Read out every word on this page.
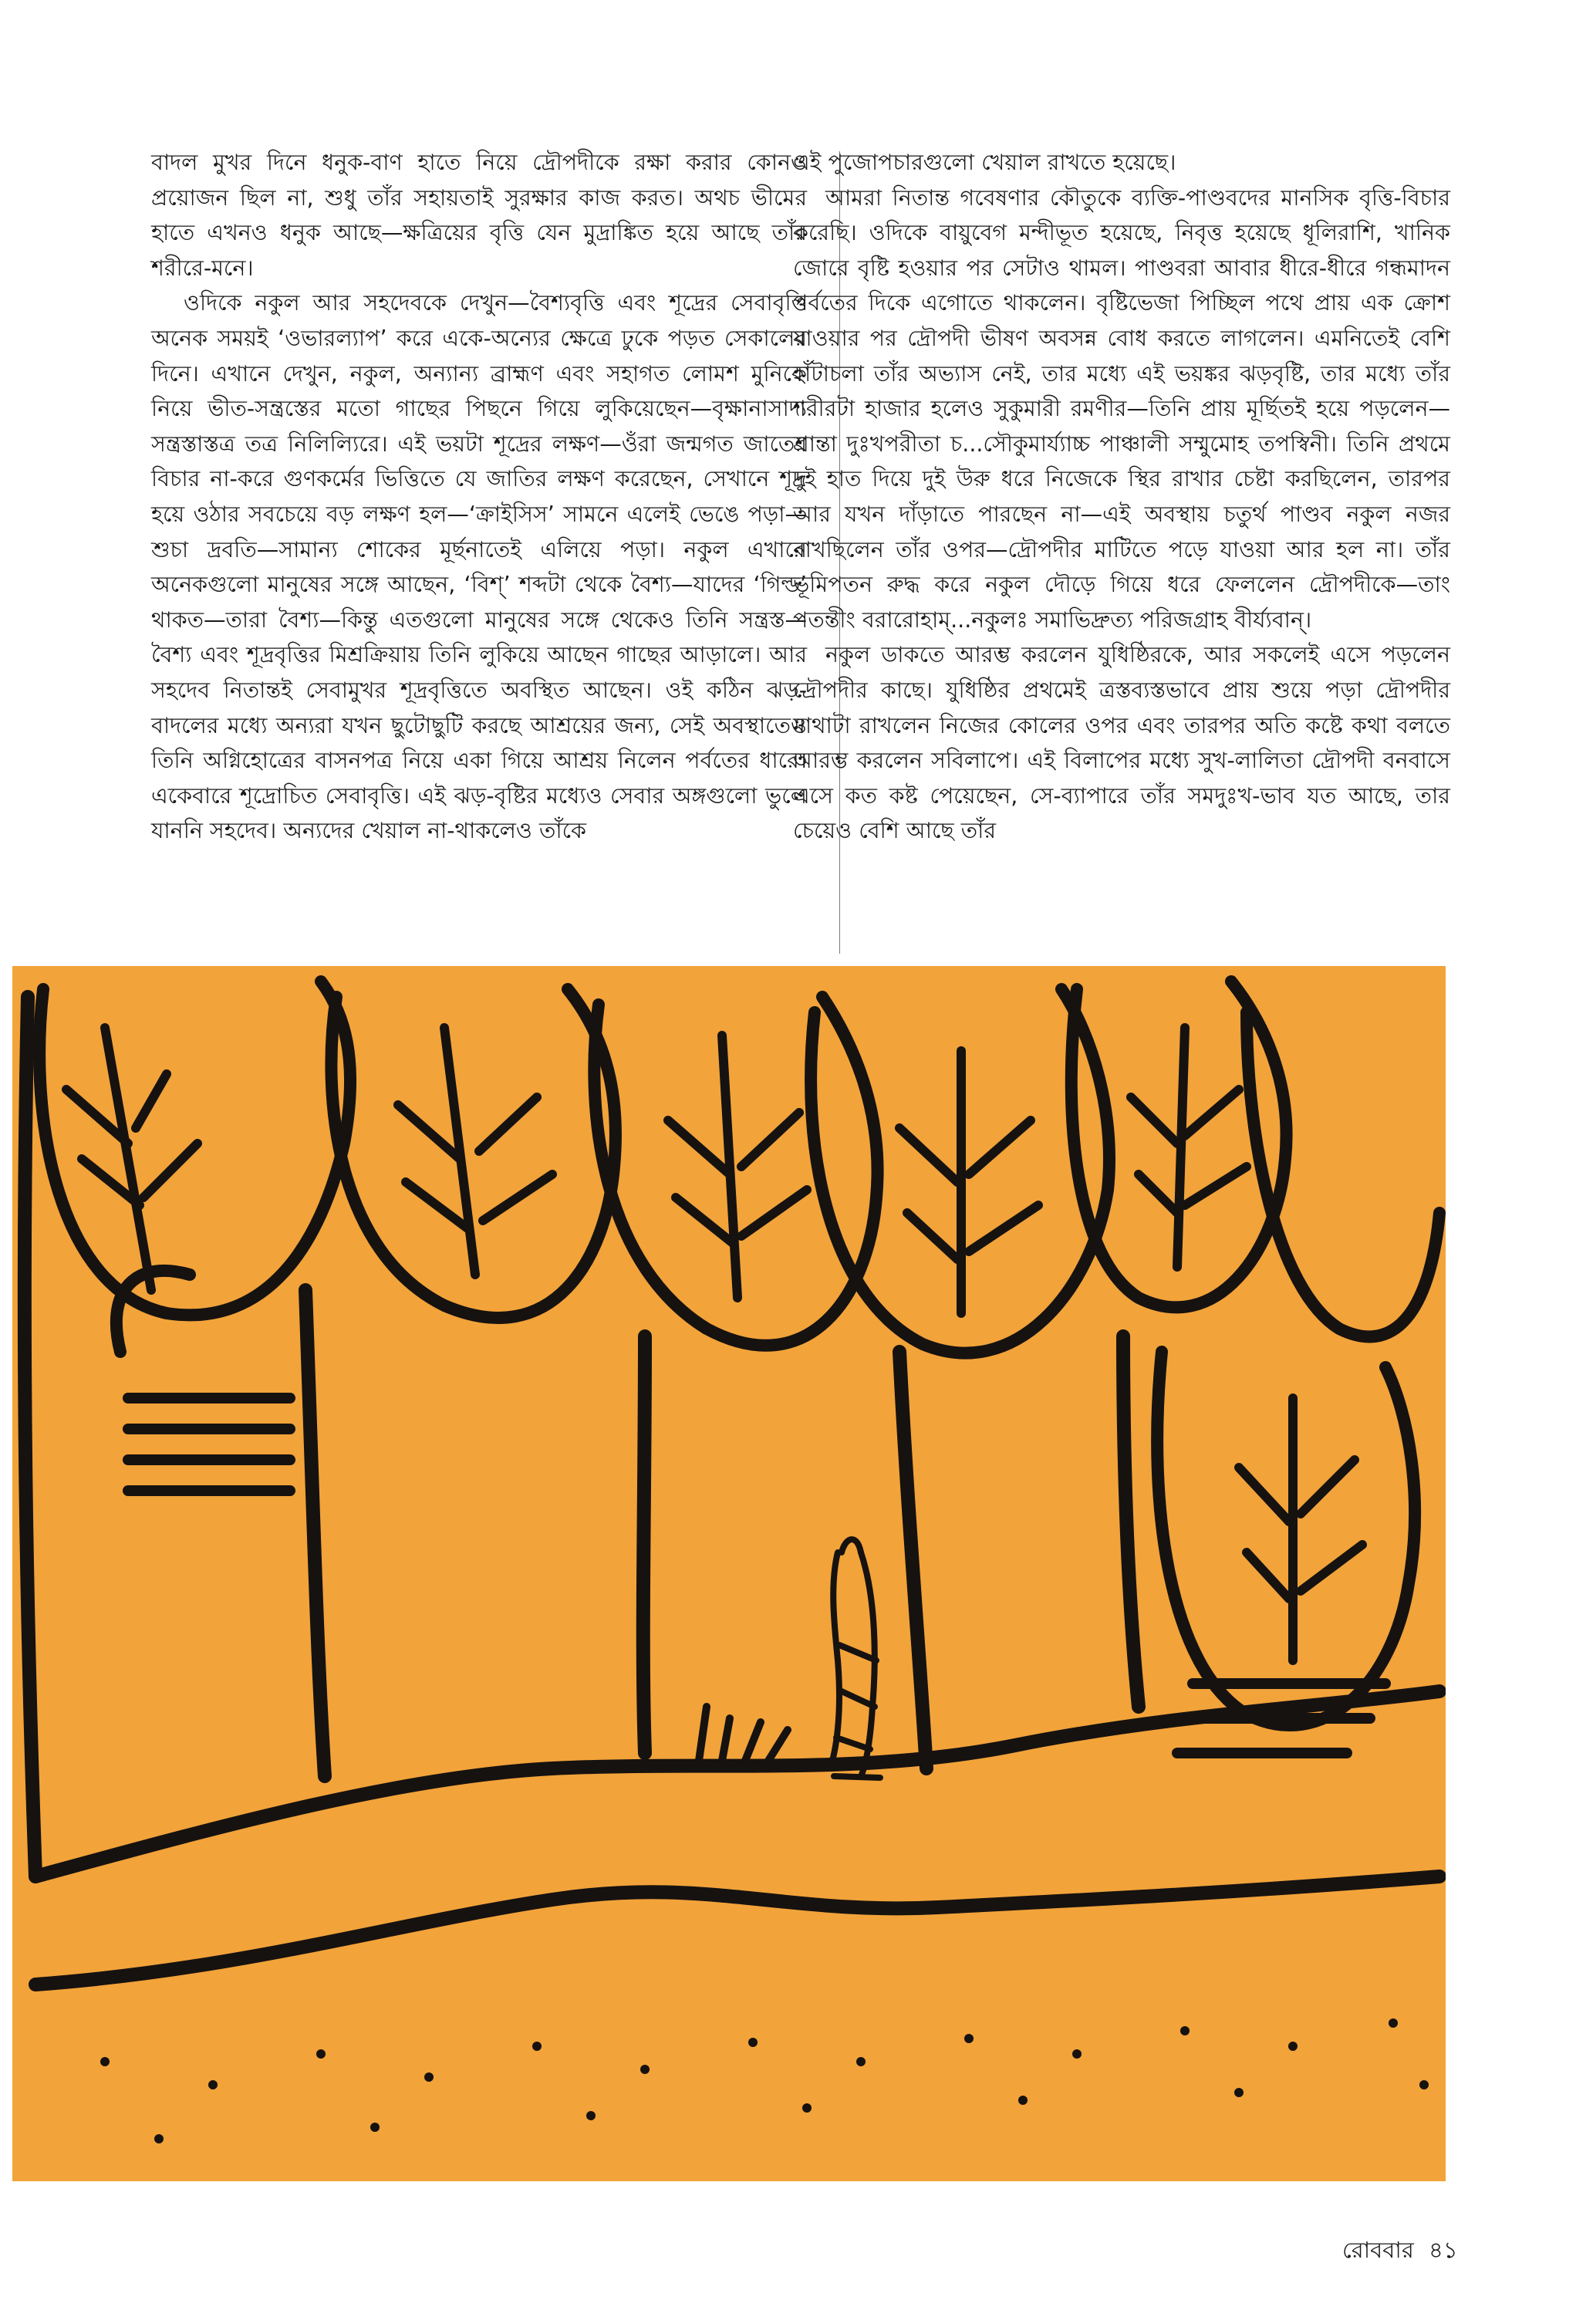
বাদল মুখর দিনে ধনুক-বাণ হাতে নিয়ে দ্রৌপদীকে রক্ষা করার কোনও প্রয়োজন ছিল না, শুধু তাঁর সহায়তাই সুরক্ষার কাজ করত। অথচ ভীমের হাতে এখনও ধনুক আছে—ক্ষত্রিয়ের বৃত্তি যেন মুদ্রাঙ্কিত হয়ে আছে তাঁর শরীরে-মনে।

ওদিকে নকুল আর সহদেবকে দেখুন—বৈশ্যবৃত্তি এবং শূদ্রের সেবাবৃত্তি অনেক সময়ই ‘ওভারল্যাপ’ করে একে-অন্যের ক্ষেত্রে ঢুকে পড়ত সেকালের দিনে। এখানে দেখুন, নকুল, অন্যান্য ব্রাহ্মণ এবং সহাগত লোমশ মুনিকে নিয়ে ভীত-সন্ত্রস্তের মতো গাছের পিছনে গিয়ে লুকিয়েছেন—বৃক্ষানাসাদ্য সন্ত্রস্তাস্তত্র তত্র নিলিল্যিরে। এই ভয়টা শূদ্রের লক্ষণ—ওঁরা জন্মগত জাতের বিচার না-করে গুণকর্মের ভিত্তিতে যে জাতির লক্ষণ করেছেন, সেখানে শূদ্র হয়ে ওঠার সবচেয়ে বড় লক্ষণ হল—‘ক্রাইসিস’ সামনে এলেই ভেঙে পড়া—শুচা দ্রবতি—সামান্য শোকের মূর্ছনাতেই এলিয়ে পড়া। নকুল এখানে অনেকগুলো মানুষের সঙ্গে আছেন, ‘বিশ্’ শব্দটা থেকে বৈশ্য—যাদের ‘গিল্ড’ থাকত—তারা বৈশ্য—কিন্তু এতগুলো মানুষের সঙ্গে থেকেও তিনি সন্ত্রস্ত—বৈশ্য এবং শূদ্রবৃত্তির মিশ্রক্রিয়ায় তিনি লুকিয়ে আছেন গাছের আড়ালে। আর সহদেব নিতান্তই সেবামুখর শূদ্রবৃত্তিতে অবস্থিত আছেন। ওই কঠিন ঝড়-বাদলের মধ্যে অন্যরা যখন ছুটোছুটি করছে আশ্রয়ের জন্য, সেই অবস্থাতেও তিনি অগ্নিহোত্রের বাসনপত্র নিয়ে একা গিয়ে আশ্রয় নিলেন পর্বতের ধারে। একেবারে শূদ্রোচিত সেবাবৃত্তি। এই ঝড়-বৃষ্টির মধ্যেও সেবার অঙ্গগুলো ভুলে যাননি সহদেব। অন্যদের খেয়াল না-থাকলেও তাঁকে

এই পুজোপচারগুলো খেয়াল রাখতে হয়েছে।

আমরা নিতান্ত গবেষণার কৌতুকে ব্যক্তি-পাণ্ডবদের মানসিক বৃত্তি-বিচার করেছি। ওদিকে বায়ুবেগ মন্দীভূত হয়েছে, নিবৃত্ত হয়েছে ধূলিরাশি, খানিক জোরে বৃষ্টি হওয়ার পর সেটাও থামল। পাণ্ডবরা আবার ধীরে-ধীরে গন্ধমাদন পর্বতের দিকে এগোতে থাকলেন। বৃষ্টিভেজা পিচ্ছিল পথে প্রায় এক ক্রোশ যাওয়ার পর দ্রৌপদী ভীষণ অবসন্ন বোধ করতে লাগলেন। এমনিতেই বেশি হাঁটাচলা তাঁর অভ্যাস নেই, তার মধ্যে এই ভয়ঙ্কর ঝড়বৃষ্টি, তার মধ্যে তাঁর শরীরটা হাজার হলেও সুকুমারী রমণীর—তিনি প্রায় মূর্ছিতই হয়ে পড়লেন—শ্রান্তা দুঃখপরীতা চ...সৌকুমার্য্যাচ্চ পাঞ্চালী সম্মুমোহ তপস্বিনী। তিনি প্রথমে দুই হাত দিয়ে দুই উরু ধরে নিজেকে স্থির রাখার চেষ্টা করছিলেন, তারপর আর যখন দাঁড়াতে পারছেন না—এই অবস্থায় চতুর্থ পাণ্ডব নকুল নজর রাখছিলেন তাঁর ওপর—দ্রৌপদীর মাটিতে পড়ে যাওয়া আর হল না। তাঁর ভূমিপতন রুদ্ধ করে নকুল দৌড়ে গিয়ে ধরে ফেললেন দ্রৌপদীকে—তাং পতন্তীং বরারোহাম্...নকুলঃ সমাভিদ্রুত্য পরিজগ্রাহ বীর্য্যবান্।

নকুল ডাকতে আরম্ভ করলেন যুধিষ্ঠিরকে, আর সকলেই এসে পড়লেন দ্রৌপদীর কাছে। যুধিষ্ঠির প্রথমেই ত্রস্তব্যস্তভাবে প্রায় শুয়ে পড়া দ্রৌপদীর মাথাটা রাখলেন নিজের কোলের ওপর এবং তারপর অতি কষ্টে কথা বলতে আরম্ভ করলেন সবিলাপে। এই বিলাপের মধ্যে সুখ-লালিতা দ্রৌপদী বনবাসে এসে কত কষ্ট পেয়েছেন, সে-ব্যাপারে তাঁর সমদুঃখ-ভাব যত আছে, তার চেয়েও বেশি আছে তাঁর

রোববার ৪১
